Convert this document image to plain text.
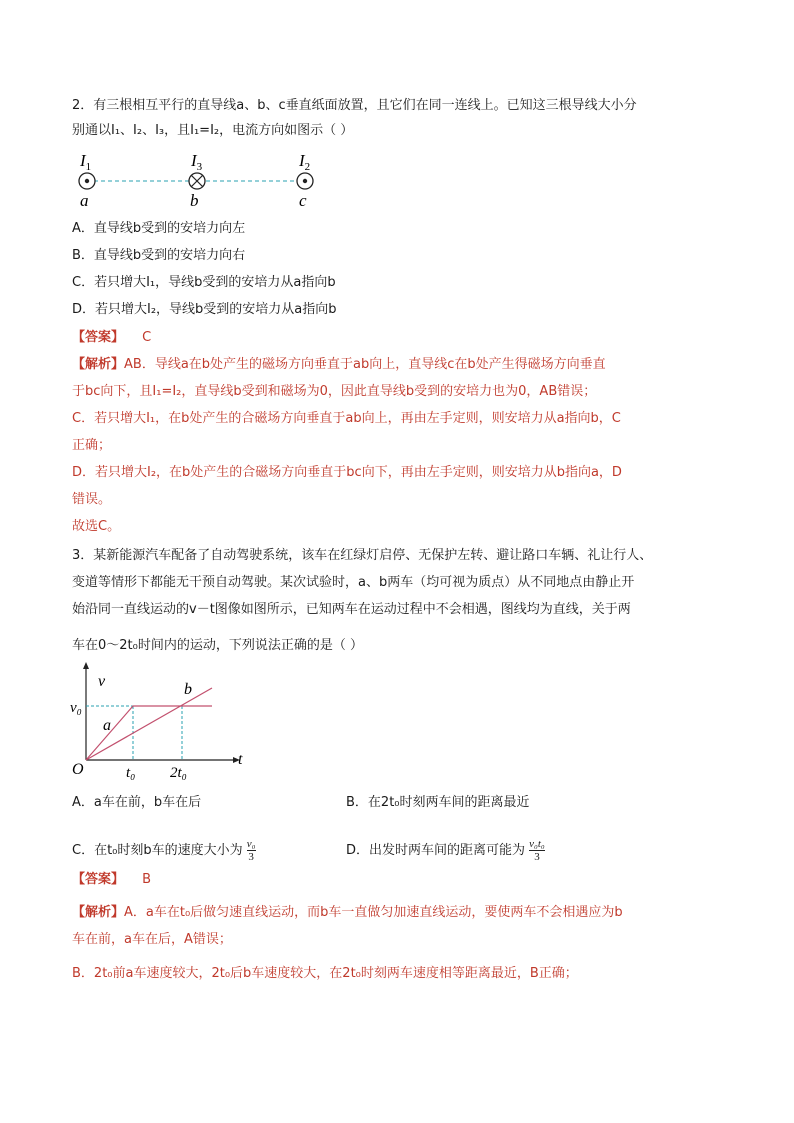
2．有三根相互平行的直导线a、b、c垂直纸面放置，且它们在同一连线上。已知这三根导线大小分
别通以I₁、I₂、I₃，且I₁=I₂，电流方向如图示（ ）
$I_1$
a
$I_3$
b
$I_2$
c
A．直导线b受到的安培力向左
B．直导线b受到的安培力向右
C．若只增大I₁，导线b受到的安培力从a指向b
D．若只增大I₂，导线b受到的安培力从a指向b
【答案】 C
【解析】AB．导线a在b处产生的磁场方向垂直于ab向上，直导线c在b处产生得磁场方向垂直
于bc向下，且I₁=I₂，直导线b受到和磁场为0，因此直导线b受到的安培力也为0，AB错误；
C．若只增大I₁，在b处产生的合磁场方向垂直于ab向上，再由左手定则，则安培力从a指向b，C
正确；
D．若只增大I₂，在b处产生的合磁场方向垂直于bc向下，再由左手定则，则安培力从b指向a，D
错误。
故选C。
3．某新能源汽车配备了自动驾驶系统，该车在红绿灯启停、无保护左转、避让路口车辆、礼让行人、
变道等情形下都能无干预自动驾驶。某次试验时，a、b两车（均可视为质点）从不同地点由静止开
始沿同一直线运动的v－t图像如图所示，已知两车在运动过程中不会相遇，图线均为直线，关于两
车在0～2t₀时间内的运动，下列说法正确的是（ ）
v
t
O
v₀
t₀ 2t₀
a
b
A．a车在前，b车在后	B．在2t₀时刻两车间的距离最近
C．在t₀时刻b车的速度大小为 $\frac{\text{v₀}}{3}$	D．出发时两车间的距离可能为 $\frac{\text{v₀t₀}}{3}$
【答案】 B
【解析】A．a车在t₀后做匀速直线运动，而b车一直做匀加速直线运动，要使两车不会相遇应为b
车在前，a车在后，A错误；
B．2t₀前a车速度较大，2t₀后b车速度较大，在2t₀时刻两车速度相等距离最近，B正确；
